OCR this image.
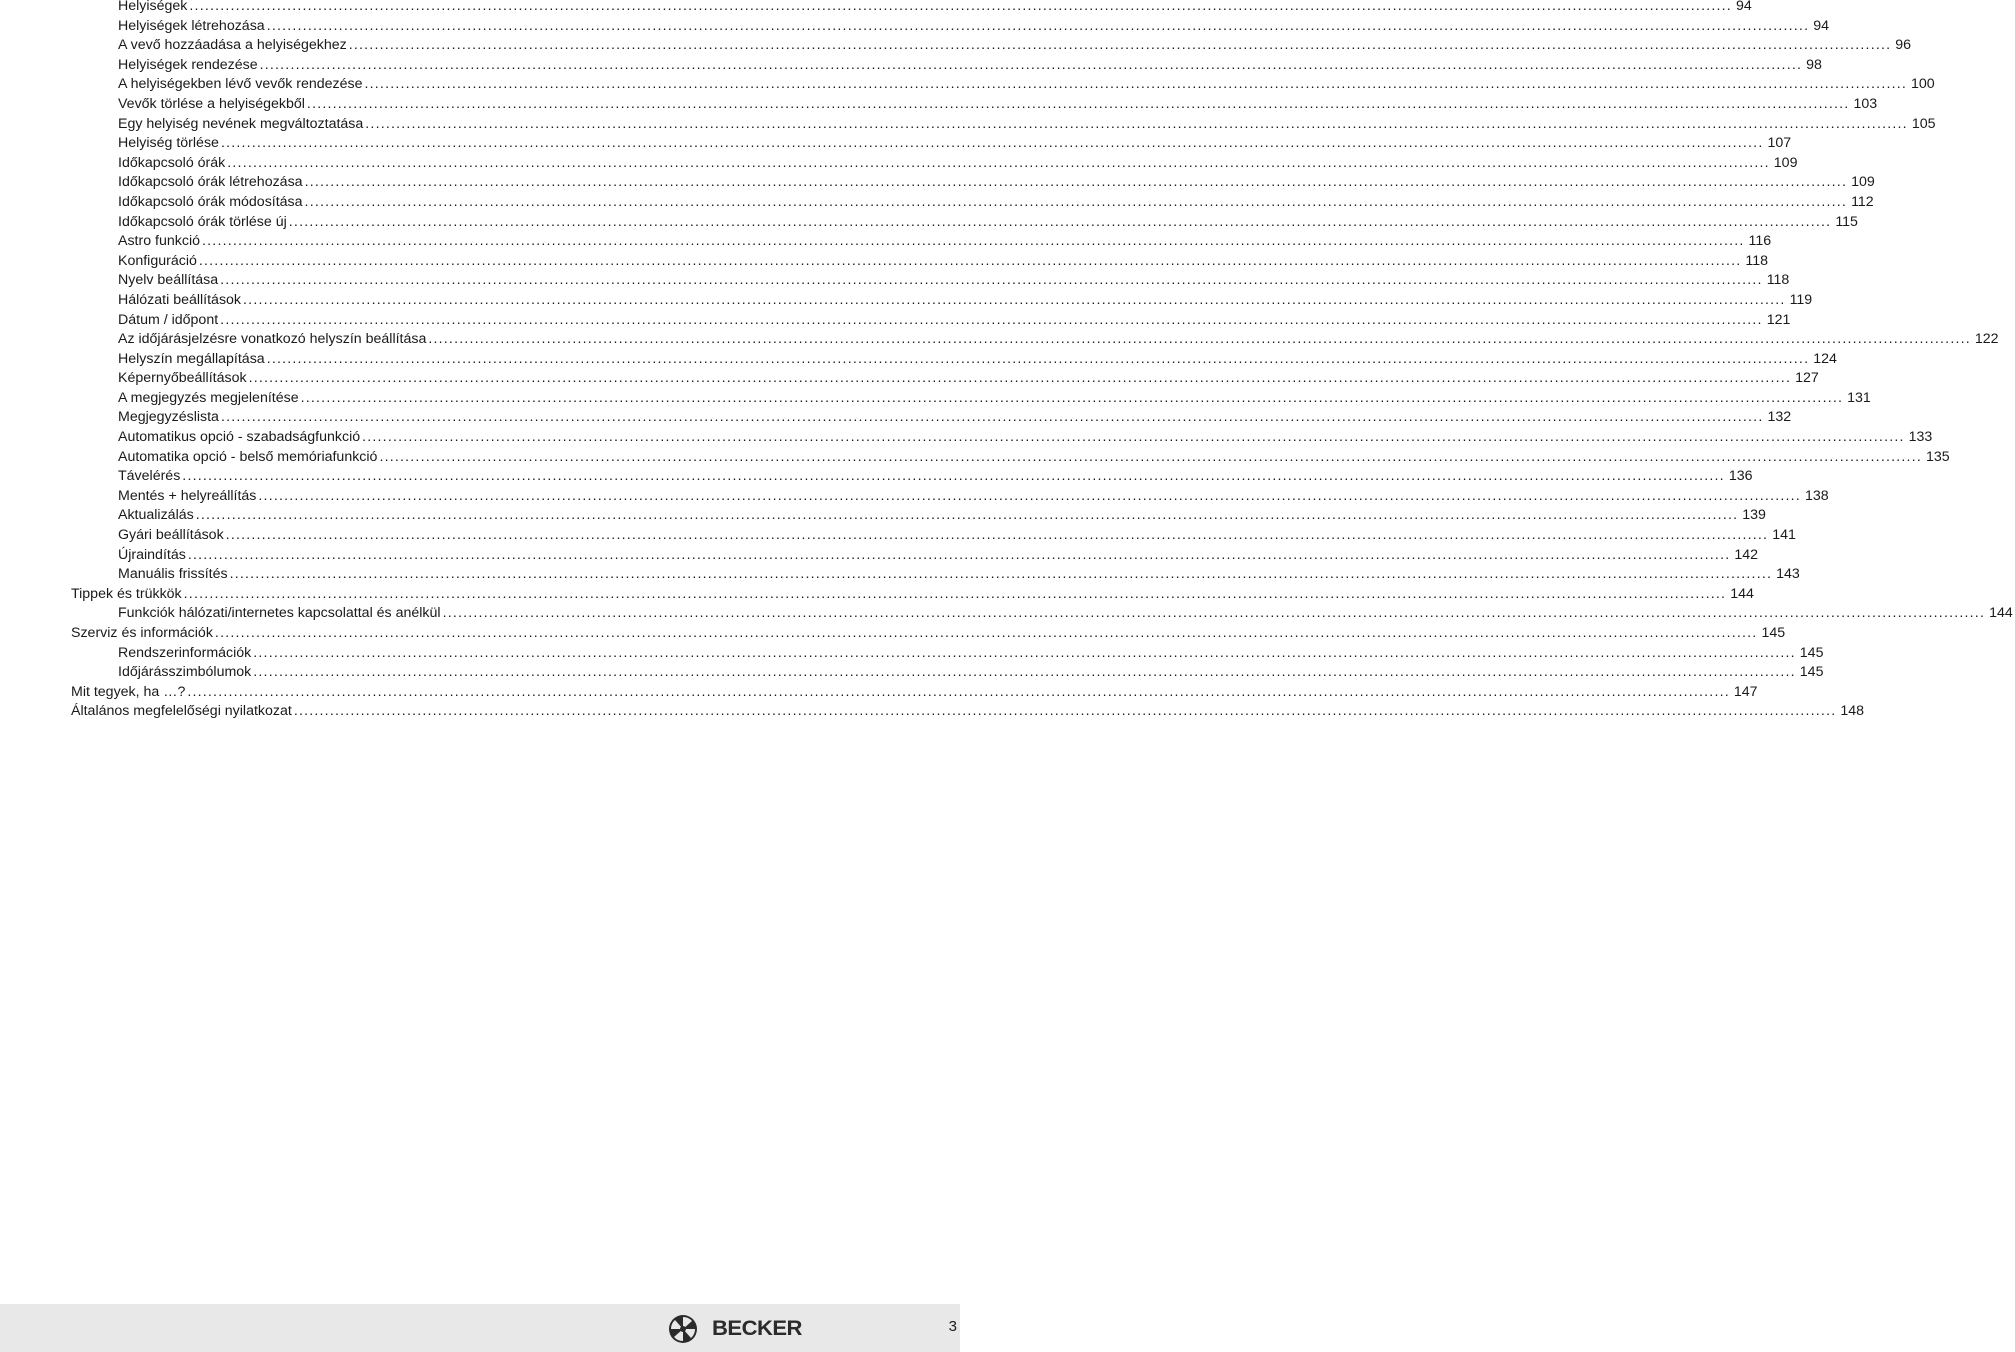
Helyiségek ............................................................................................................................................................................................................................................................................................................ 94
Helyiségek létrehozása ............................................................................................................................................................................................................................................................................................................ 94
A vevő hozzáadása a helyiségekhez ............................................................................................................................................................................................................................................................................................................ 96
Helyiségek rendezése ............................................................................................................................................................................................................................................................................................................ 98
A helyiségekben lévő vevők rendezése ............................................................................................................................................................................................................................................................................................................ 100
Vevők törlése a helyiségekből ............................................................................................................................................................................................................................................................................................................ 103
Egy helyiség nevének megváltoztatása ............................................................................................................................................................................................................................................................................................................ 105
Helyiség törlése ............................................................................................................................................................................................................................................................................................................ 107
Időkapcsoló órák ............................................................................................................................................................................................................................................................................................................ 109
Időkapcsoló órák létrehozása ............................................................................................................................................................................................................................................................................................................ 109
Időkapcsoló órák módosítása ............................................................................................................................................................................................................................................................................................................ 112
Időkapcsoló órák törlése új ............................................................................................................................................................................................................................................................................................................ 115
Astro funkció ............................................................................................................................................................................................................................................................................................................ 116
Konfiguráció ............................................................................................................................................................................................................................................................................................................ 118
Nyelv beállítása ............................................................................................................................................................................................................................................................................................................ 118
Hálózati beállítások ............................................................................................................................................................................................................................................................................................................ 119
Dátum / időpont ............................................................................................................................................................................................................................................................................................................ 121
Az időjárásjelzésre vonatkozó helyszín beállítása ............................................................................................................................................................................................................................................................................................................ 122
Helyszín megállapítása ............................................................................................................................................................................................................................................................................................................ 124
Képernyőbeállítások ............................................................................................................................................................................................................................................................................................................ 127
A megjegyzés megjelenítése ............................................................................................................................................................................................................................................................................................................ 131
Megjegyzéslista ............................................................................................................................................................................................................................................................................................................ 132
Automatikus opció - szabadságfunkció ............................................................................................................................................................................................................................................................................................................ 133
Automatika opció - belső memóriafunkció ............................................................................................................................................................................................................................................................................................................ 135
Távelérés ............................................................................................................................................................................................................................................................................................................ 136
Mentés + helyreállítás ............................................................................................................................................................................................................................................................................................................ 138
Aktualizálás ............................................................................................................................................................................................................................................................................................................ 139
Gyári beállítások ............................................................................................................................................................................................................................................................................................................ 141
Újraindítás ............................................................................................................................................................................................................................................................................................................ 142
Manuális frissítés ............................................................................................................................................................................................................................................................................................................ 143
Tippek és trükkök ............................................................................................................................................................................................................................................................................................................ 144
Funkciók hálózati/internetes kapcsolattal és anélkül ............................................................................................................................................................................................................................................................................................................ 144
Szerviz és információk ............................................................................................................................................................................................................................................................................................................ 145
Rendszerinformációk ............................................................................................................................................................................................................................................................................................................ 145
Időjárásszimbólumok ............................................................................................................................................................................................................................................................................................................ 145
Mit tegyek, ha …? ............................................................................................................................................................................................................................................................................................................ 147
Általános megfelelőségi nyilatkozat ............................................................................................................................................................................................................................................................................................................ 148
BECKER	3
